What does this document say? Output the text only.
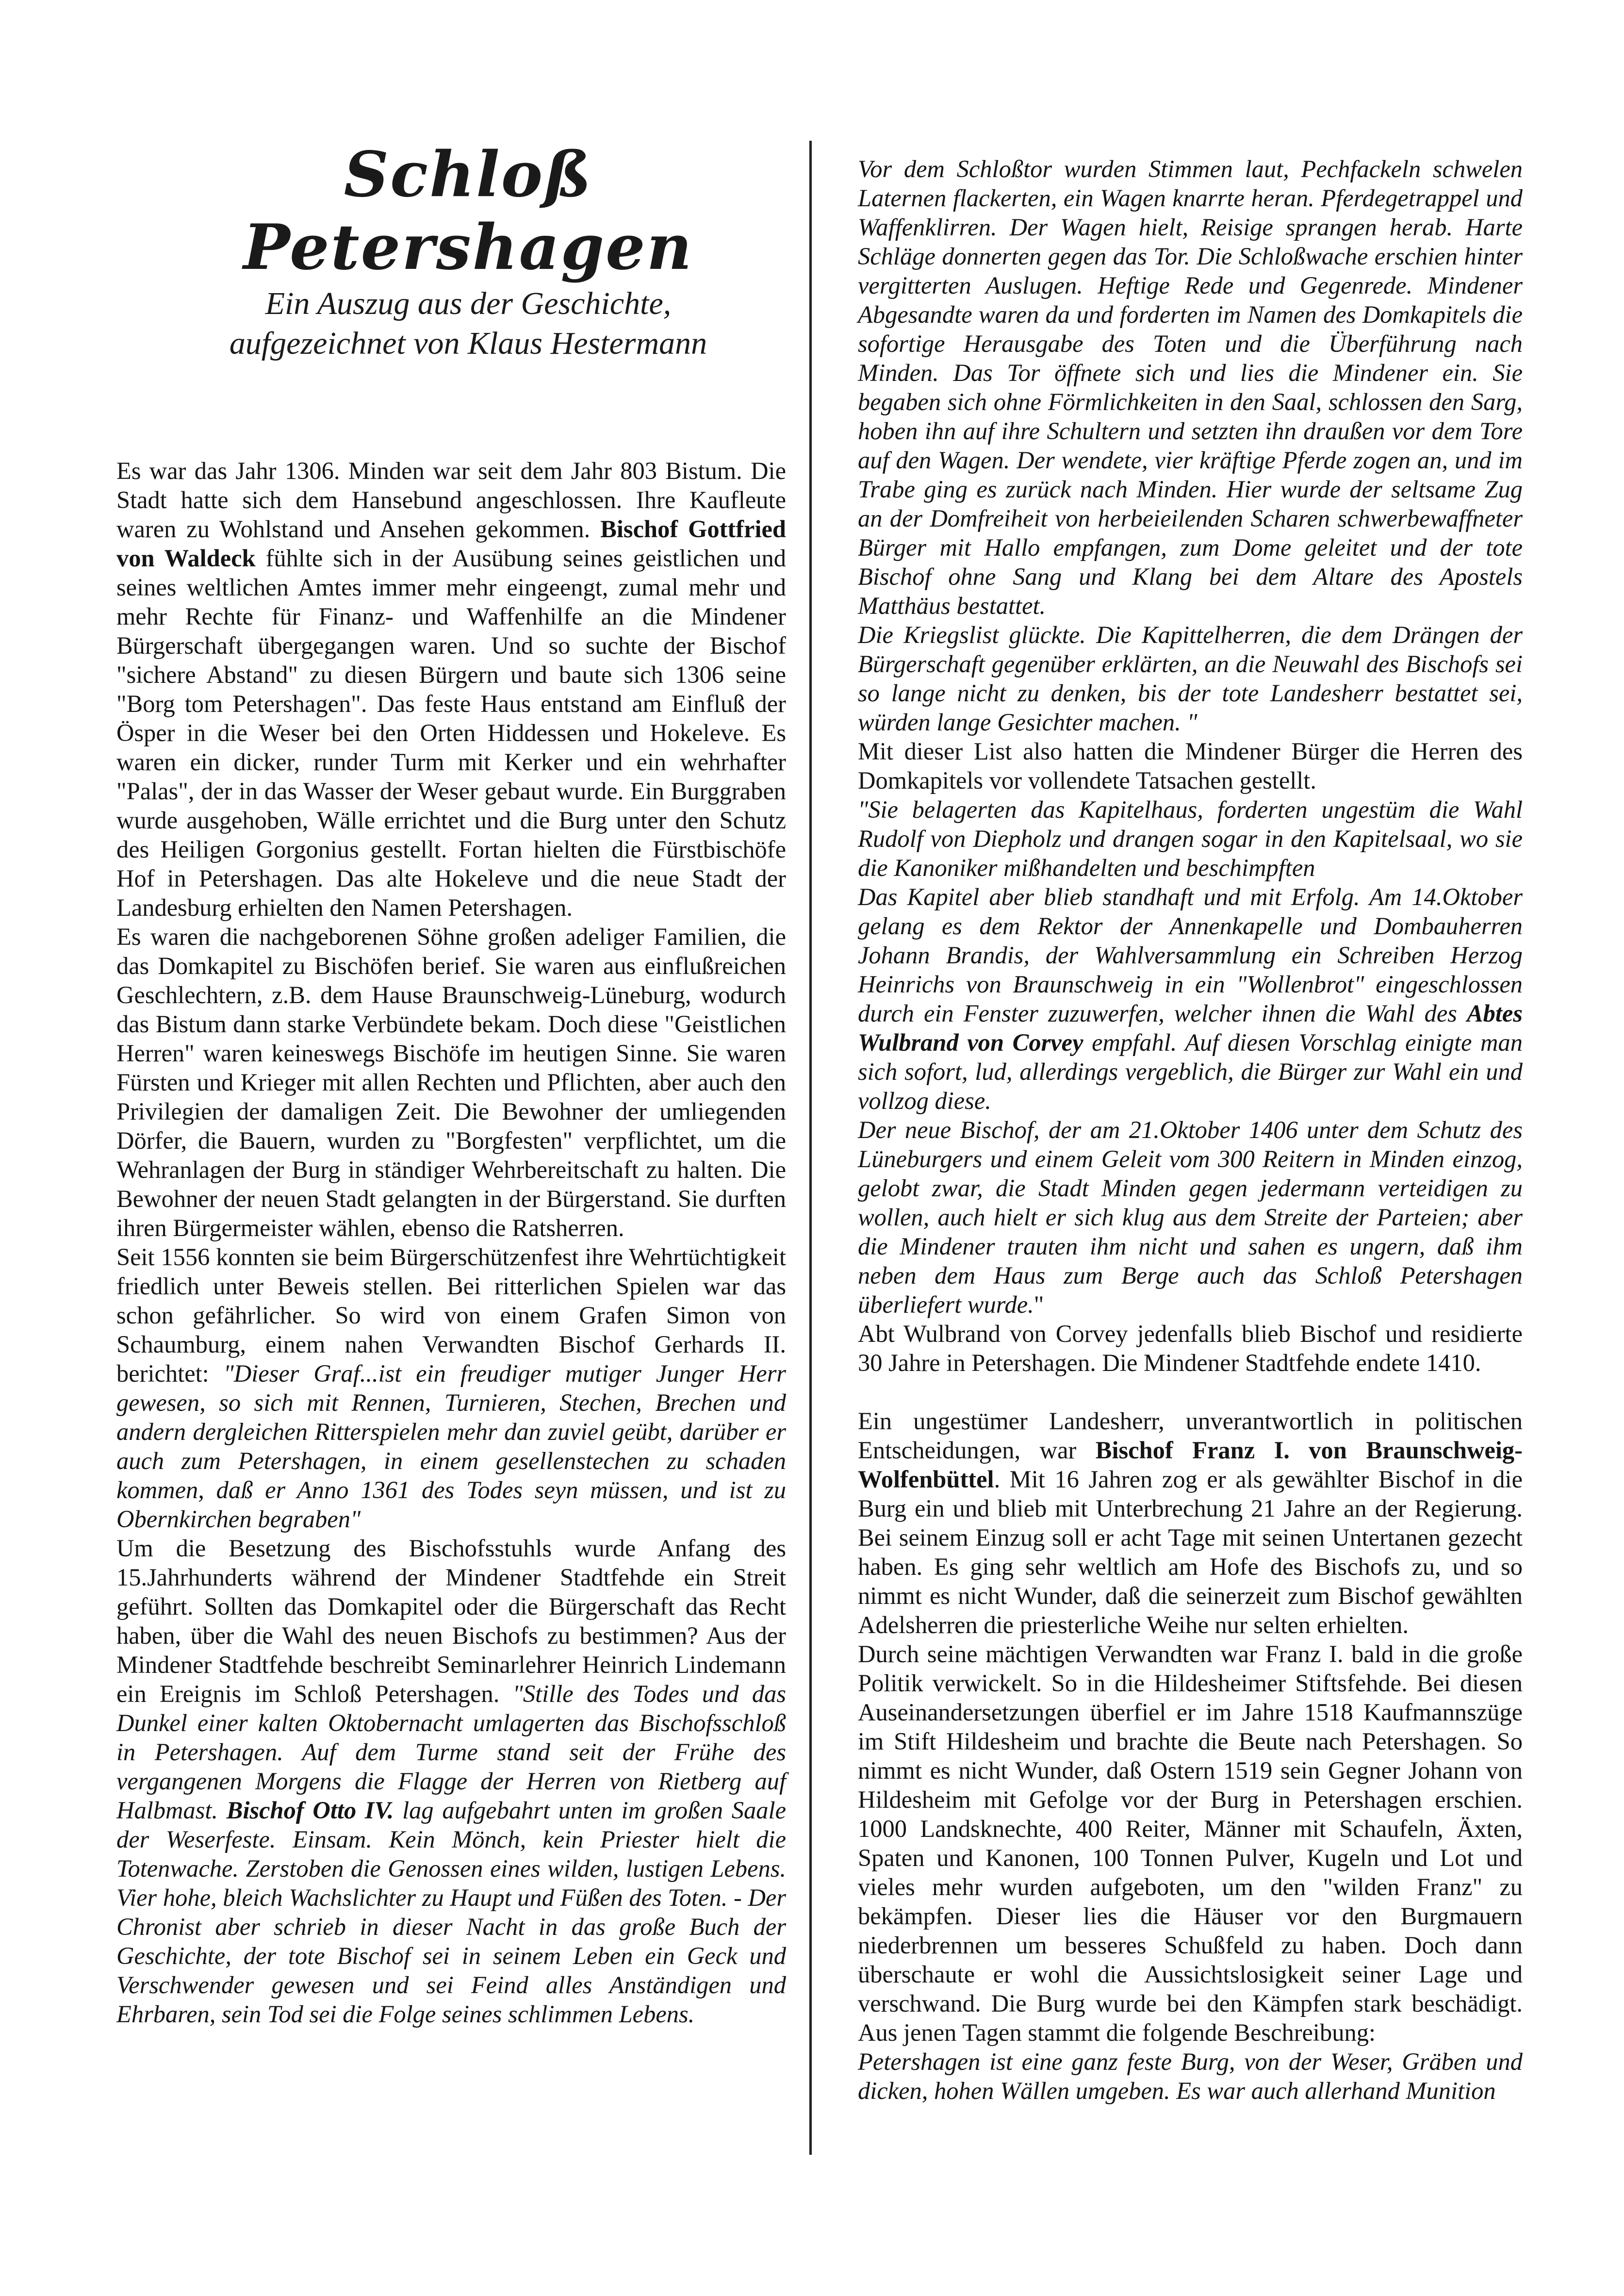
Schloß Petershagen
Ein Auszug aus der Geschichte,
aufgezeichnet von Klaus Hestermann

Es war das Jahr 1306. Minden war seit dem Jahr 803 Bistum. Die Stadt hatte sich dem Hansebund angeschlossen. Ihre Kaufleute waren zu Wohlstand und Ansehen gekommen. Bischof Gottfried von Waldeck fühlte sich in der Ausübung seines geistlichen und seines weltlichen Amtes immer mehr eingeengt, zumal mehr und mehr Rechte für Finanz- und Waffenhilfe an die Mindener Bürgerschaft übergegangen waren. Und so suchte der Bischof "sichere Abstand" zu diesen Bürgern und baute sich 1306 seine "Borg tom Petershagen". Das feste Haus entstand am Einfluß der Ösper in die Weser bei den Orten Hiddessen und Hokeleve. Es waren ein dicker, runder Turm mit Kerker und ein wehrhafter "Palas", der in das Wasser der Weser gebaut wurde. Ein Burggraben wurde ausgehoben, Wälle errichtet und die Burg unter den Schutz des Heiligen Gorgonius gestellt. Fortan hielten die Fürstbischöfe Hof in Petershagen. Das alte Hokeleve und die neue Stadt der Landesburg erhielten den Namen Petershagen.

Es waren die nachgeborenen Söhne großen adeliger Familien, die das Domkapitel zu Bischöfen berief. Sie waren aus einflußreichen Geschlechtern, z.B. dem Hause Braunschweig-Lüneburg, wodurch das Bistum dann starke Verbündete bekam. Doch diese "Geistlichen Herren" waren keineswegs Bischöfe im heutigen Sinne. Sie waren Fürsten und Krieger mit allen Rechten und Pflichten, aber auch den Privilegien der damaligen Zeit. Die Bewohner der umliegenden Dörfer, die Bauern, wurden zu "Borgfesten" verpflichtet, um die Wehranlagen der Burg in ständiger Wehrbereitschaft zu halten. Die Bewohner der neuen Stadt gelangten in der Bürgerstand. Sie durften ihren Bürgermeister wählen, ebenso die Ratsherren.

Seit 1556 konnten sie beim Bürgerschützenfest ihre Wehrtüchtigkeit friedlich unter Beweis stellen. Bei ritterlichen Spielen war das schon gefährlicher. So wird von einem Grafen Simon von Schaumburg, einem nahen Verwandten Bischof Gerhards II. berichtet: "Dieser Graf...ist ein freudiger mutiger Junger Herr gewesen, so sich mit Rennen, Turnieren, Stechen, Brechen und andern dergleichen Ritterspielen mehr dan zuviel geübt, darüber er auch zum Petershagen, in einem gesellenstechen zu schaden kommen, daß er Anno 1361 des Todes seyn müssen, und ist zu Obernkirchen begraben"

Um die Besetzung des Bischofsstuhls wurde Anfang des 15.Jahrhunderts während der Mindener Stadtfehde ein Streit geführt. Sollten das Domkapitel oder die Bürgerschaft das Recht haben, über die Wahl des neuen Bischofs zu bestimmen? Aus der Mindener Stadtfehde beschreibt Seminarlehrer Heinrich Lindemann ein Ereignis im Schloß Petershagen. "Stille des Todes und das Dunkel einer kalten Oktobernacht umlagerten das Bischofsschloß in Petershagen. Auf dem Turme stand seit der Frühe des vergangenen Morgens die Flagge der Herren von Rietberg auf Halbmast. Bischof Otto IV. lag aufgebahrt unten im großen Saale der Weserfeste. Einsam. Kein Mönch, kein Priester hielt die Totenwache. Zerstoben die Genossen eines wilden, lustigen Lebens. Vier hohe, bleich Wachslichter zu Haupt und Füßen des Toten. - Der Chronist aber schrieb in dieser Nacht in das große Buch der Geschichte, der tote Bischof sei in seinem Leben ein Geck und Verschwender gewesen und sei Feind alles Anständigen und Ehrbaren, sein Tod sei die Folge seines schlimmen Lebens.

Vor dem Schloßtor wurden Stimmen laut, Pechfackeln schwelen Laternen flackerten, ein Wagen knarrte heran. Pferdegetrappel und Waffenklirren. Der Wagen hielt, Reisige sprangen herab. Harte Schläge donnerten gegen das Tor. Die Schloßwache erschien hinter vergitterten Auslugen. Heftige Rede und Gegenrede. Mindener Abgesandte waren da und forderten im Namen des Domkapitels die sofortige Herausgabe des Toten und die Überführung nach Minden. Das Tor öffnete sich und lies die Mindener ein. Sie begaben sich ohne Förmlichkeiten in den Saal, schlossen den Sarg, hoben ihn auf ihre Schultern und setzten ihn draußen vor dem Tore auf den Wagen. Der wendete, vier kräftige Pferde zogen an, und im Trabe ging es zurück nach Minden. Hier wurde der seltsame Zug an der Domfreiheit von herbeieilenden Scharen schwerbewaffneter Bürger mit Hallo empfangen, zum Dome geleitet und der tote Bischof ohne Sang und Klang bei dem Altare des Apostels Matthäus bestattet.

Die Kriegslist glückte. Die Kapittelherren, die dem Drängen der Bürgerschaft gegenüber erklärten, an die Neuwahl des Bischofs sei so lange nicht zu denken, bis der tote Landesherr bestattet sei, würden lange Gesichter machen. "

Mit dieser List also hatten die Mindener Bürger die Herren des Domkapitels vor vollendete Tatsachen gestellt.

"Sie belagerten das Kapitelhaus, forderten ungestüm die Wahl Rudolf von Diepholz und drangen sogar in den Kapitelsaal, wo sie die Kanoniker mißhandelten und beschimpften

Das Kapitel aber blieb standhaft und mit Erfolg. Am 14.Oktober gelang es dem Rektor der Annenkapelle und Dombauherren Johann Brandis, der Wahlversammlung ein Schreiben Herzog Heinrichs von Braunschweig in ein "Wollenbrot" eingeschlossen durch ein Fenster zuzuwerfen, welcher ihnen die Wahl des Abtes Wulbrand von Corvey empfahl. Auf diesen Vorschlag einigte man sich sofort, lud, allerdings vergeblich, die Bürger zur Wahl ein und vollzog diese.

Der neue Bischof, der am 21.Oktober 1406 unter dem Schutz des Lüneburgers und einem Geleit vom 300 Reitern in Minden einzog, gelobt zwar, die Stadt Minden gegen jedermann verteidigen zu wollen, auch hielt er sich klug aus dem Streite der Parteien; aber die Mindener trauten ihm nicht und sahen es ungern, daß ihm neben dem Haus zum Berge auch das Schloß Petershagen überliefert wurde."

Abt Wulbrand von Corvey jedenfalls blieb Bischof und residierte 30 Jahre in Petershagen. Die Mindener Stadtfehde endete 1410.

Ein ungestümer Landesherr, unverantwortlich in politischen Entscheidungen, war Bischof Franz I. von Braunschweig-Wolfenbüttel. Mit 16 Jahren zog er als gewählter Bischof in die Burg ein und blieb mit Unterbrechung 21 Jahre an der Regierung. Bei seinem Einzug soll er acht Tage mit seinen Untertanen gezecht haben. Es ging sehr weltlich am Hofe des Bischofs zu, und so nimmt es nicht Wunder, daß die seinerzeit zum Bischof gewählten Adelsherren die priesterliche Weihe nur selten erhielten.

Durch seine mächtigen Verwandten war Franz I. bald in die große Politik verwickelt. So in die Hildesheimer Stiftsfehde. Bei diesen Auseinandersetzungen überfiel er im Jahre 1518 Kaufmannszüge im Stift Hildesheim und brachte die Beute nach Petershagen. So nimmt es nicht Wunder, daß Ostern 1519 sein Gegner Johann von Hildesheim mit Gefolge vor der Burg in Petershagen erschien. 1000 Landsknechte, 400 Reiter, Männer mit Schaufeln, Äxten, Spaten und Kanonen, 100 Tonnen Pulver, Kugeln und Lot und vieles mehr wurden aufgeboten, um den "wilden Franz" zu bekämpfen. Dieser lies die Häuser vor den Burgmauern niederbrennen um besseres Schußfeld zu haben. Doch dann überschaute er wohl die Aussichtslosigkeit seiner Lage und verschwand. Die Burg wurde bei den Kämpfen stark beschädigt. Aus jenen Tagen stammt die folgende Beschreibung:

Petershagen ist eine ganz feste Burg, von der Weser, Gräben und dicken, hohen Wällen umgeben. Es war auch allerhand Munition
